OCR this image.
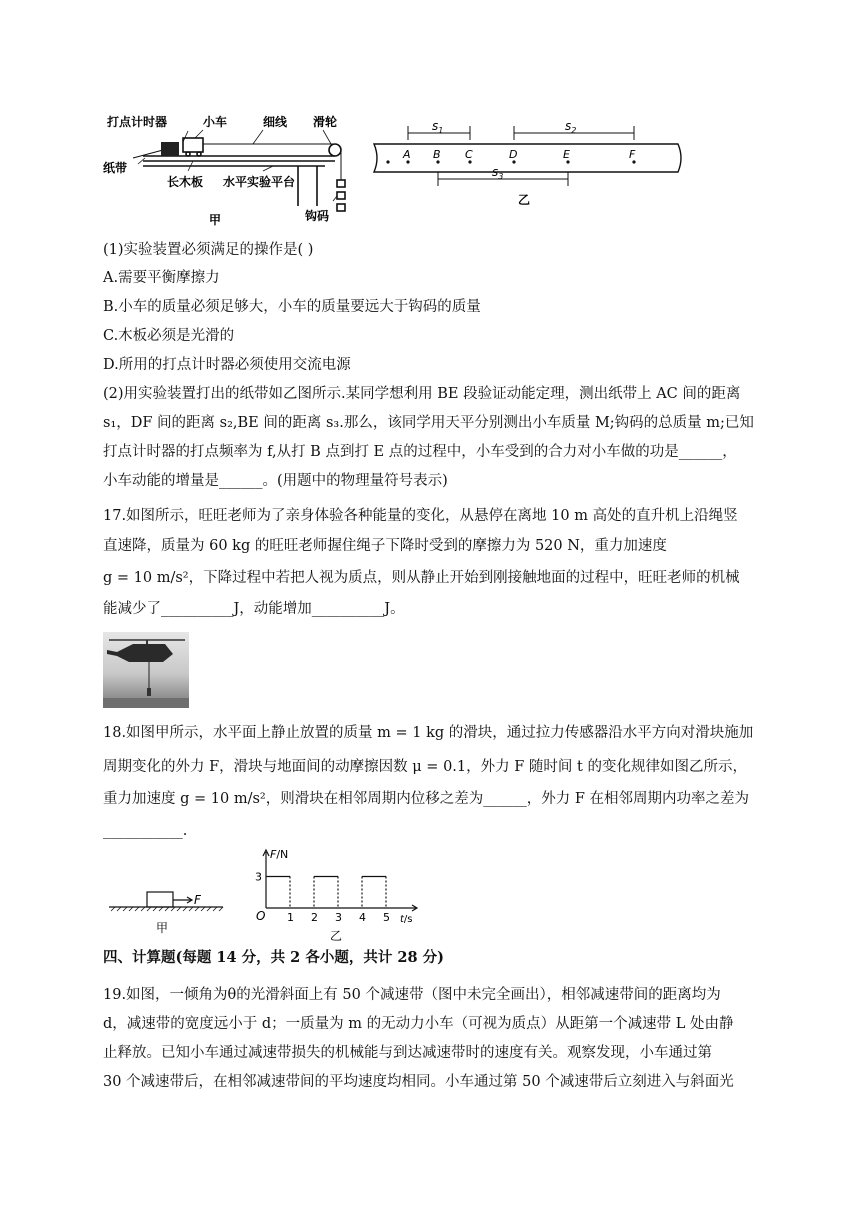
打点计时器	小车	细线 滑轮
纸带
长木板 水平实验平台
钩码
甲
A B C	D	E	F
$s_1$	$s_2$
$s_3$
乙
(1)实验装置必须满足的操作是( )
A.需要平衡摩擦力
B.小车的质量必须足够大，小车的质量要远大于钩码的质量
C.木板必须是光滑的
D.所用的打点计时器必须使用交流电源
(2)用实验装置打出的纸带如乙图所示.某同学想利用 BE 段验证动能定理，测出纸带上 AC 间的距离
s₁，DF 间的距离 s₂,BE 间的距离 s₃.那么，该同学用天平分别测出小车质量 M;钩码的总质量 m;已知
打点计时器的打点频率为 f,从打 B 点到打 E 点的过程中，小车受到的合力对小车做的功是______，
小车动能的增量是______。(用题中的物理量符号表示)
17.如图所示，旺旺老师为了亲身体验各种能量的变化，从悬停在离地 10 m 高处的直升机上沿绳竖
直速降，质量为 60 kg 的旺旺老师握住绳子下降时受到的摩擦力为 520 N，重力加速度
g = 10 m/s²，下降过程中若把人视为质点，则从静止开始到刚接触地面的过程中，旺旺老师的机械
能减少了__________J，动能增加__________J。
18.如图甲所示，水平面上静止放置的质量 m = 1 kg 的滑块，通过拉力传感器沿水平方向对滑块施加
周期变化的外力 F，滑块与地面间的动摩擦因数 μ = 0.1，外力 F 随时间 t 的变化规律如图乙所示，
重力加速度 g = 10 m/s²，则滑块在相邻周期内位移之差为______，外力 F 在相邻周期内功率之差为
___________.
F
甲
F/N
t/s
O 1 2 3 4 5
3
乙
四、计算题(每题 14 分，共 2 各小题，共计 28 分)
19.如图，一倾角为θ的光滑斜面上有 50 个减速带（图中未完全画出），相邻减速带间的距离均为
d，减速带的宽度远小于 d；一质量为 m 的无动力小车（可视为质点）从距第一个减速带 L 处由静
止释放。已知小车通过减速带损失的机械能与到达减速带时的速度有关。观察发现，小车通过第
30 个减速带后，在相邻减速带间的平均速度均相同。小车通过第 50 个减速带后立刻进入与斜面光
